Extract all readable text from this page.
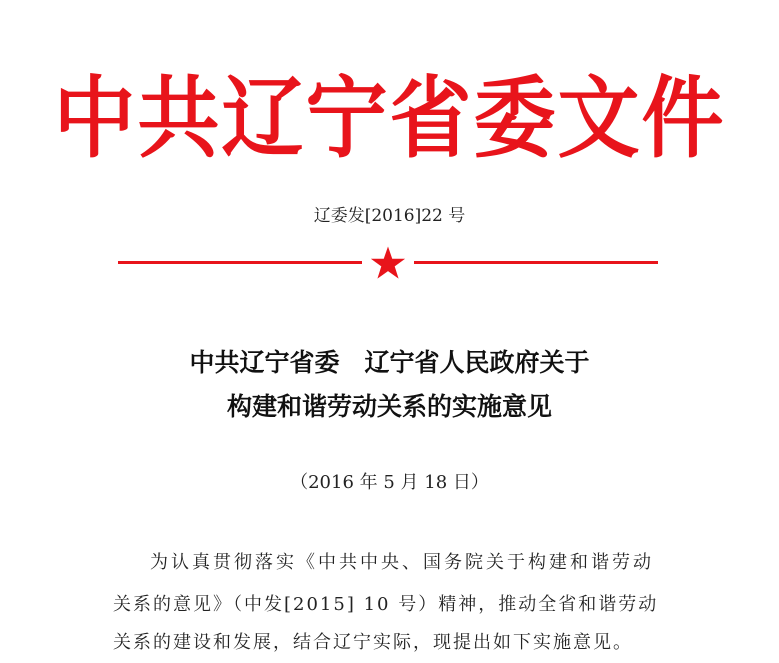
中共辽宁省委文件
辽委发[2016]22 号
中共辽宁省委　辽宁省人民政府关于
构建和谐劳动关系的实施意见
（2016 年 5 月 18 日）
为认真贯彻落实《中共中央、国务院关于构建和谐劳动
关系的意见》（中发[2015] 10 号）精神，推动全省和谐劳动
关系的建设和发展，结合辽宁实际，现提出如下实施意见。
